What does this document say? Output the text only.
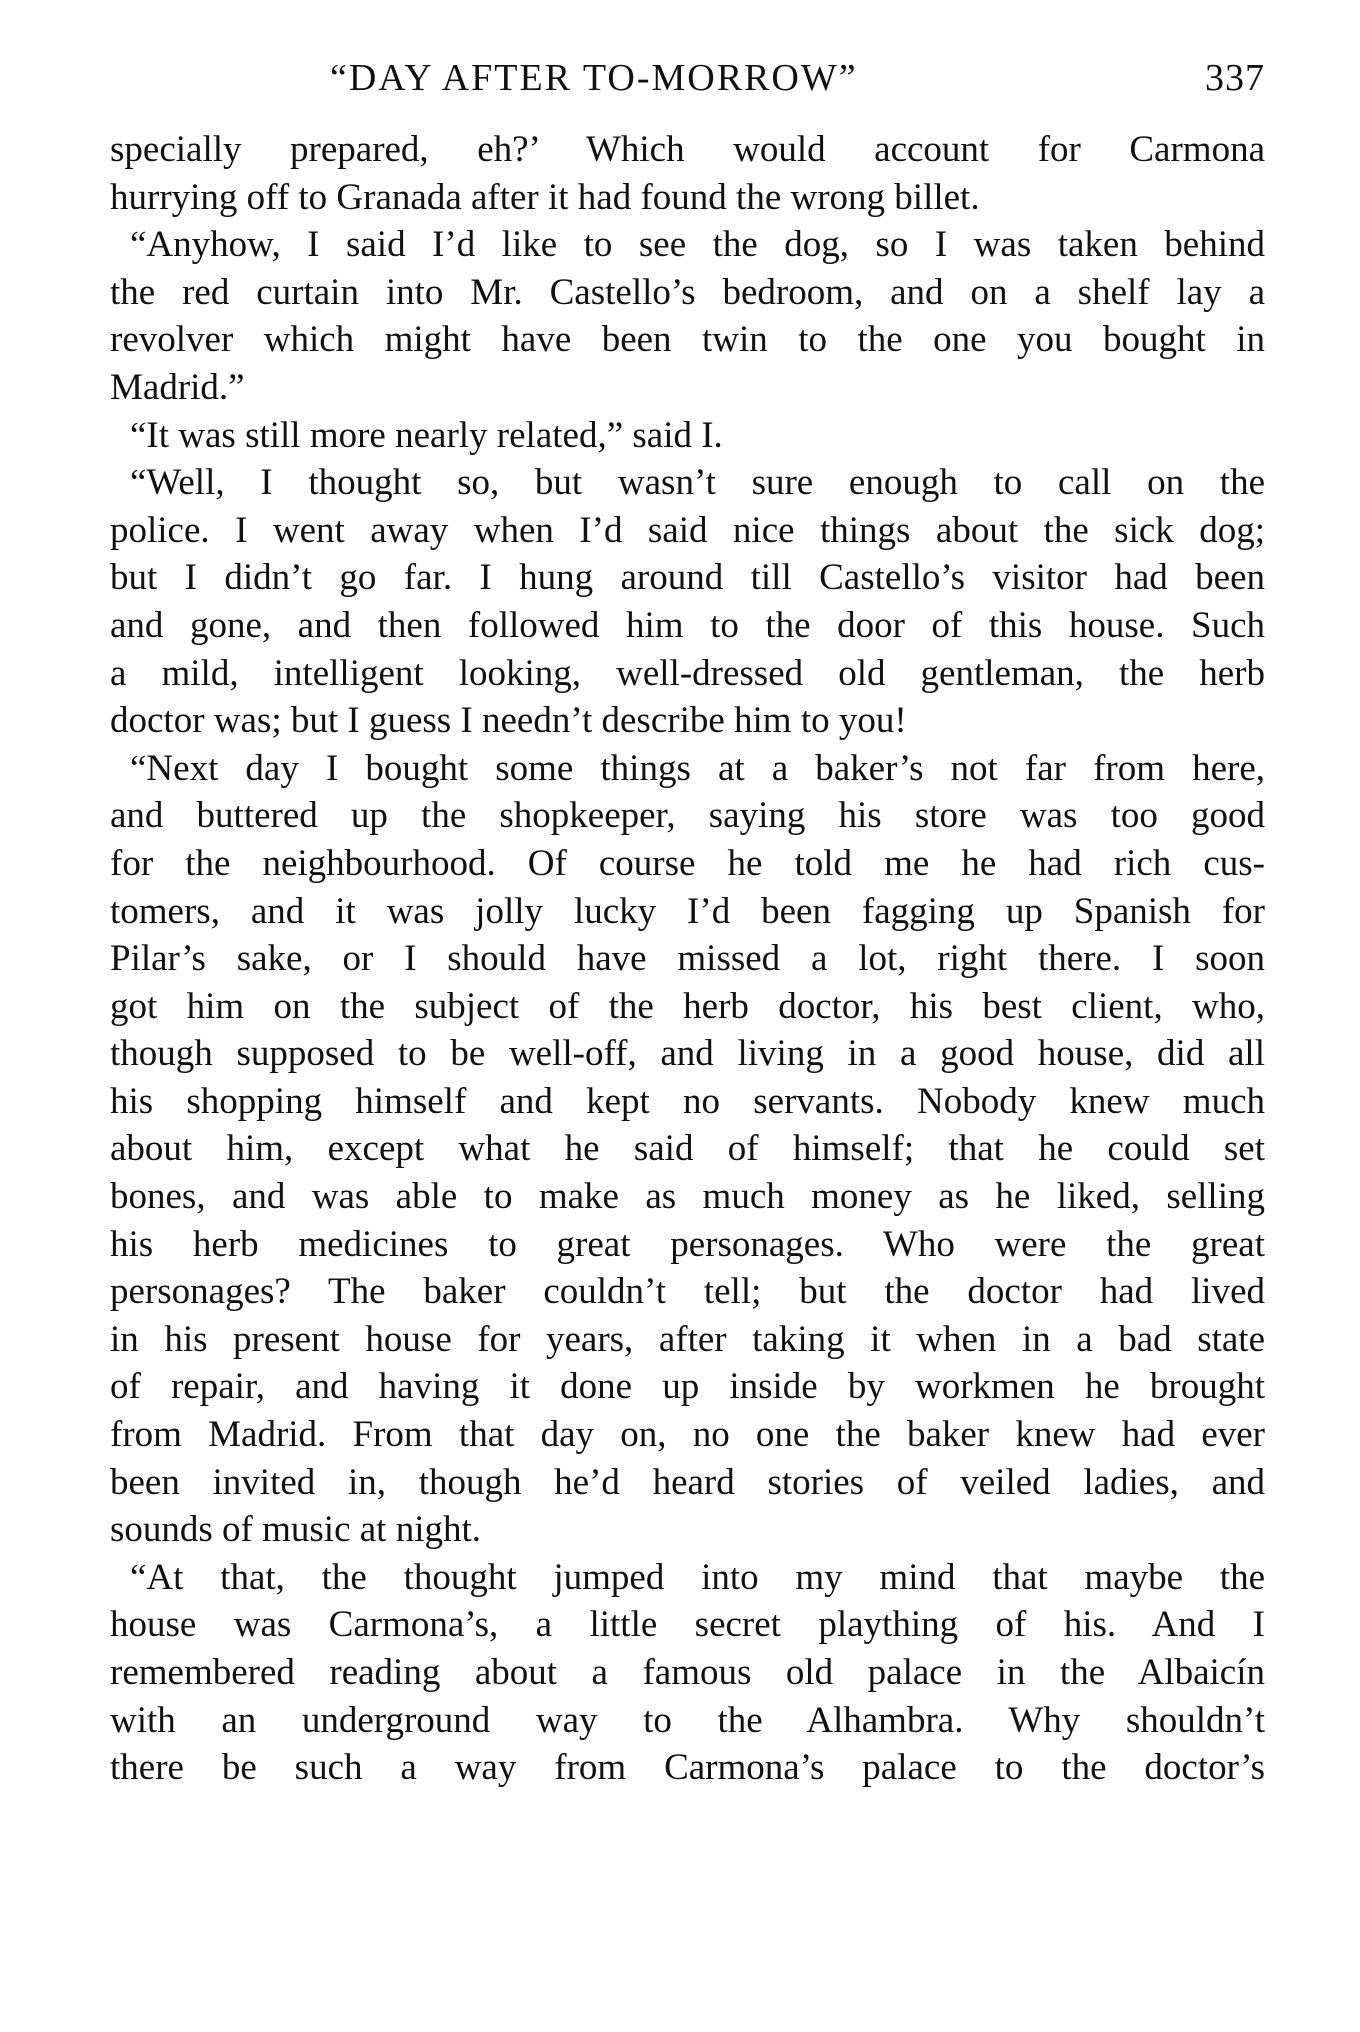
“DAY AFTER TO-MORROW”	337
specially prepared, eh?’ Which would account for Carmona
hurrying off to Granada after it had found the wrong billet.
“Anyhow, I said I’d like to see the dog, so I was taken behind
the red curtain into Mr. Castello’s bedroom, and on a shelf lay a
revolver which might have been twin to the one you bought in
Madrid.”
“It was still more nearly related,” said I.
“Well, I thought so, but wasn’t sure enough to call on the
police. I went away when I’d said nice things about the sick dog;
but I didn’t go far. I hung around till Castello’s visitor had been
and gone, and then followed him to the door of this house. Such
a mild, intelligent looking, well-dressed old gentleman, the herb
doctor was; but I guess I needn’t describe him to you!
“Next day I bought some things at a baker’s not far from here,
and buttered up the shopkeeper, saying his store was too good
for the neighbourhood. Of course he told me he had rich cus-
tomers, and it was jolly lucky I’d been fagging up Spanish for
Pilar’s sake, or I should have missed a lot, right there. I soon
got him on the subject of the herb doctor, his best client, who,
though supposed to be well-off, and living in a good house, did all
his shopping himself and kept no servants. Nobody knew much
about him, except what he said of himself; that he could set
bones, and was able to make as much money as he liked, selling
his herb medicines to great personages. Who were the great
personages? The baker couldn’t tell; but the doctor had lived
in his present house for years, after taking it when in a bad state
of repair, and having it done up inside by workmen he brought
from Madrid. From that day on, no one the baker knew had ever
been invited in, though he’d heard stories of veiled ladies, and
sounds of music at night.
“At that, the thought jumped into my mind that maybe the
house was Carmona’s, a little secret plaything of his. And I
remembered reading about a famous old palace in the Albaicín
with an underground way to the Alhambra. Why shouldn’t
there be such a way from Carmona’s palace to the doctor’s
